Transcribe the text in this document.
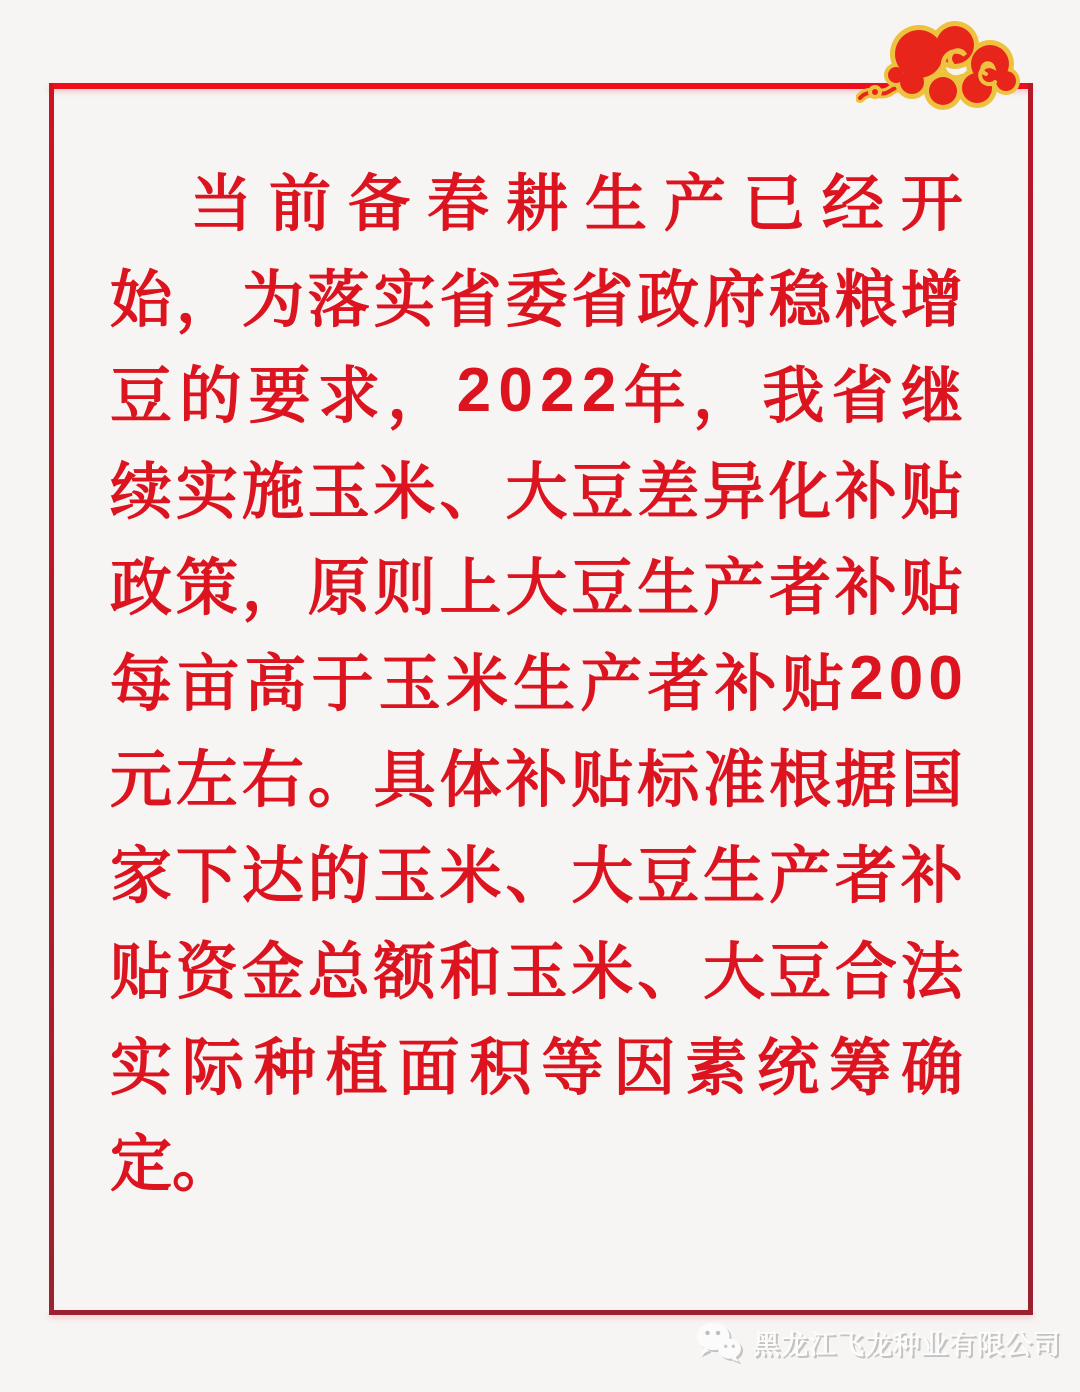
当 前 备 春 耕 生 产 已 经 开
始 ， 为 落 实 省 委 省 政 府 稳 粮 增
豆 的 要 求 ， 2 0 2 2 年 ， 我 省 继
续 实 施 玉 米 、 大 豆 差 异 化 补 贴
政 策 ， 原 则 上 大 豆 生 产 者 补 贴
每 亩 高 于 玉 米 生 产 者 补 贴 2 0 0
元 左 右 。 具 体 补 贴 标 准 根 据 国
家 下 达 的 玉 米 、 大 豆 生 产 者 补
贴 资 金 总 额 和 玉 米 、 大 豆 合 法
实 际 种 植 面 积 等 因 素 统 筹 确
定。
黑龙江飞龙种业有限公司
